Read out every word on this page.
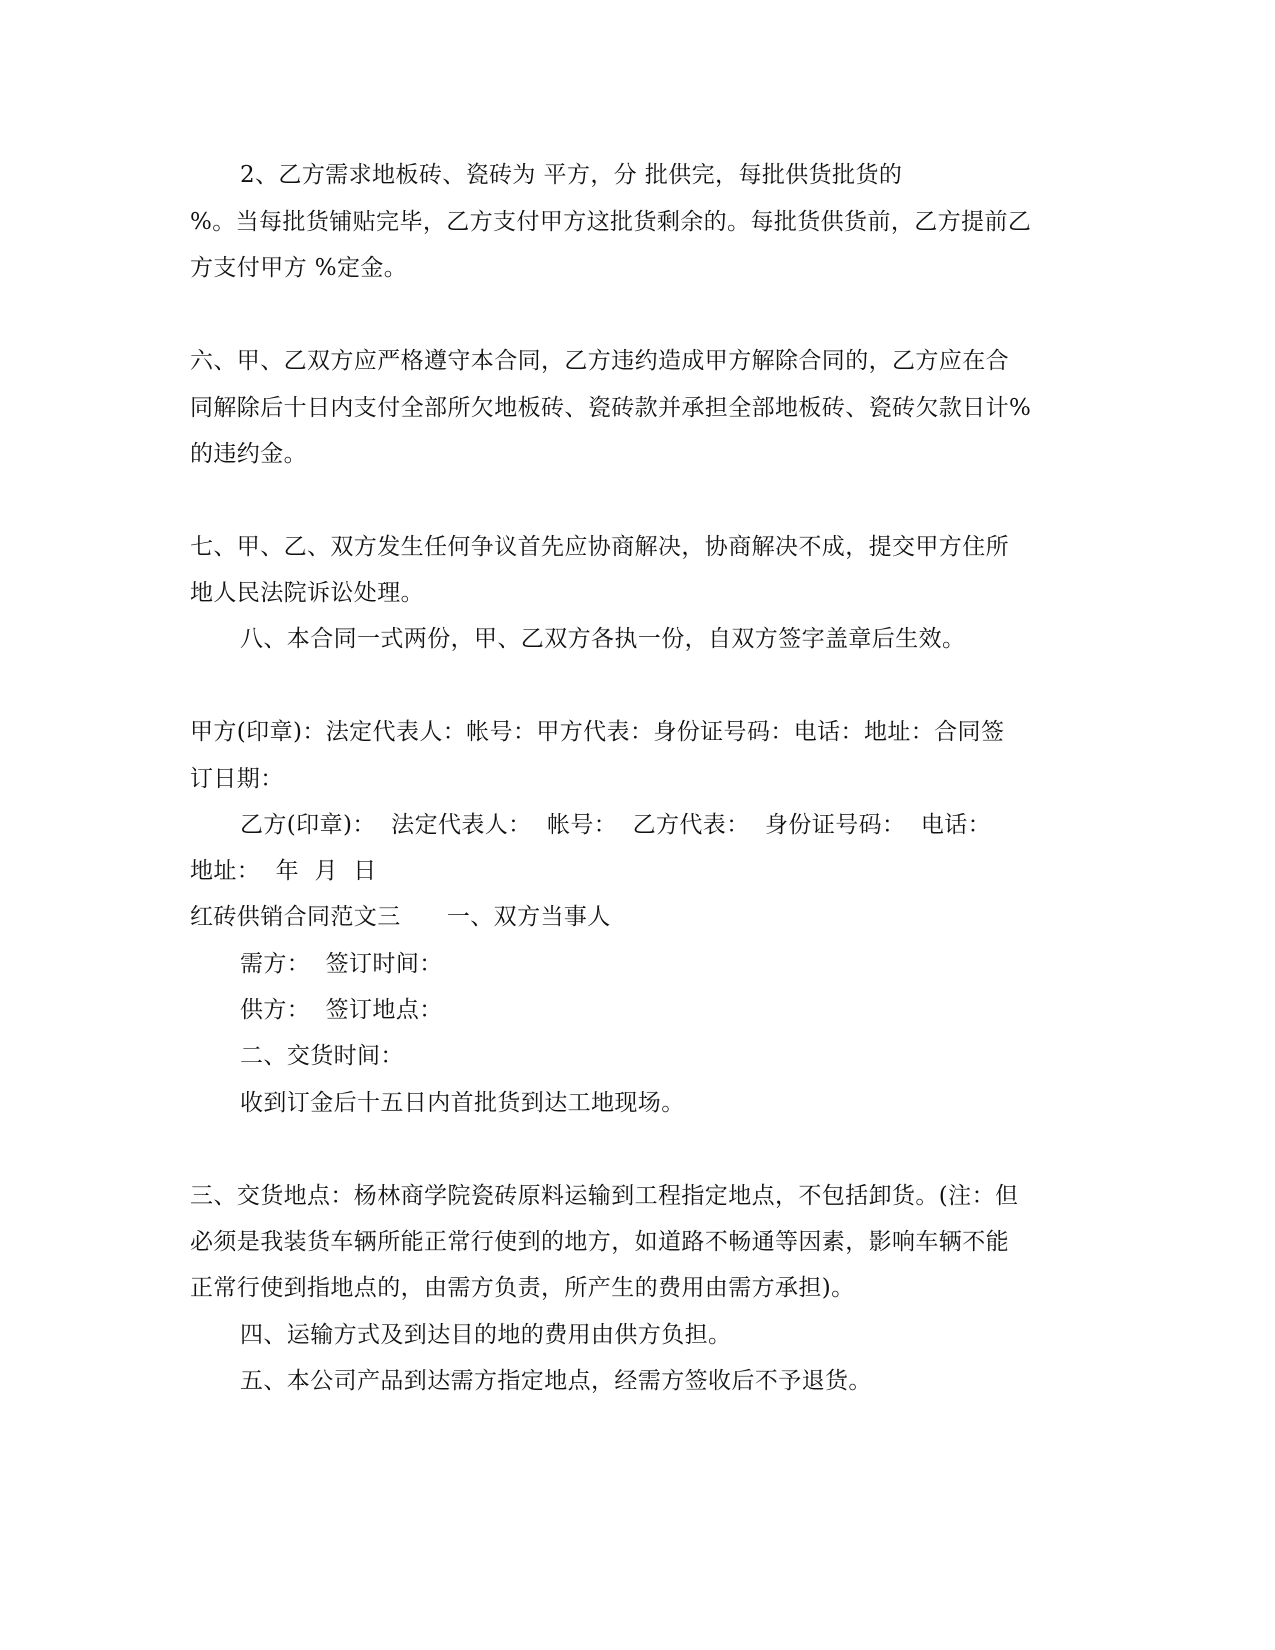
2、乙方需求地板砖、瓷砖为 平方，分 批供完，每批供货批货的
%。当每批货铺贴完毕，乙方支付甲方这批货剩余的。每批货供货前，乙方提前乙
方支付甲方 %定金。
六、甲、乙双方应严格遵守本合同，乙方违约造成甲方解除合同的，乙方应在合
同解除后十日内支付全部所欠地板砖、瓷砖款并承担全部地板砖、瓷砖欠款日计%
的违约金。
七、甲、乙、双方发生任何争议首先应协商解决，协商解决不成，提交甲方住所
地人民法院诉讼处理。
八、本合同一式两份，甲、乙双方各执一份，自双方签字盖章后生效。
甲方(印章)：法定代表人：帐号：甲方代表：身份证号码：电话：地址：合同签
订日期：
乙方(印章)：  法定代表人：  帐号：  乙方代表：  身份证号码：  电话：
地址：  年  月  日
红砖供销合同范文三      一、双方当事人
需方：  签订时间：
供方：  签订地点：
二、交货时间：
收到订金后十五日内首批货到达工地现场。
三、交货地点：杨林商学院瓷砖原料运输到工程指定地点，不包括卸货。(注：但
必须是我装货车辆所能正常行使到的地方，如道路不畅通等因素，影响车辆不能
正常行使到指地点的，由需方负责，所产生的费用由需方承担)。
四、运输方式及到达目的地的费用由供方负担。
五、本公司产品到达需方指定地点，经需方签收后不予退货。
